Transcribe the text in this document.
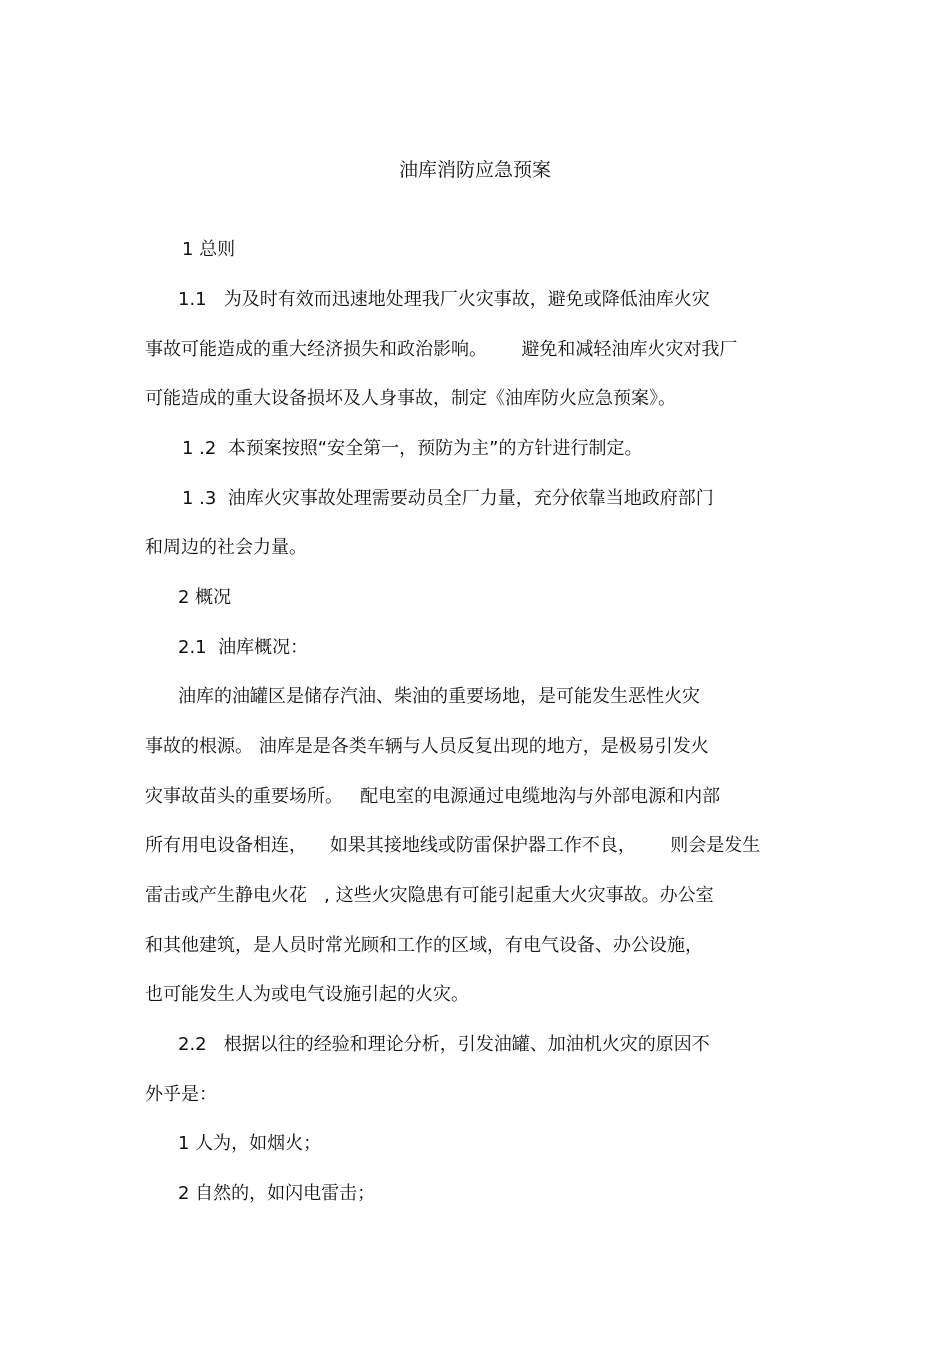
油库消防应急预案
1 总则
1.1   为及时有效而迅速地处理我厂火灾事故，避免或降低油库火灾
事故可能造成的重大经济损失和政治影响。      避免和减轻油库火灾对我厂
可能造成的重大设备损坏及人身事故，制定《油库防火应急预案》。
1 .2  本预案按照“安全第一，预防为主”的方针进行制定。
1 .3  油库火灾事故处理需要动员全厂力量，充分依靠当地政府部门
和周边的社会力量。
2 概况
2.1  油库概况：
油库的油罐区是储存汽油、柴油的重要场地，是可能发生恶性火灾
事故的根源。 油库是是各类车辆与人员反复出现的地方，是极易引发火
灾事故苗头的重要场所。   配电室的电源通过电缆地沟与外部电源和内部
所有用电设备相连，    如果其接地线或防雷保护器工作不良，      则会是发生
雷击或产生静电火花   , 这些火灾隐患有可能引起重大火灾事故。办公室
和其他建筑，是人员时常光顾和工作的区域，有电气设备、办公设施，
也可能发生人为或电气设施引起的火灾。
2.2   根据以往的经验和理论分析，引发油罐、加油机火灾的原因不
外乎是：
1 人为，如烟火；
2 自然的，如闪电雷击；
